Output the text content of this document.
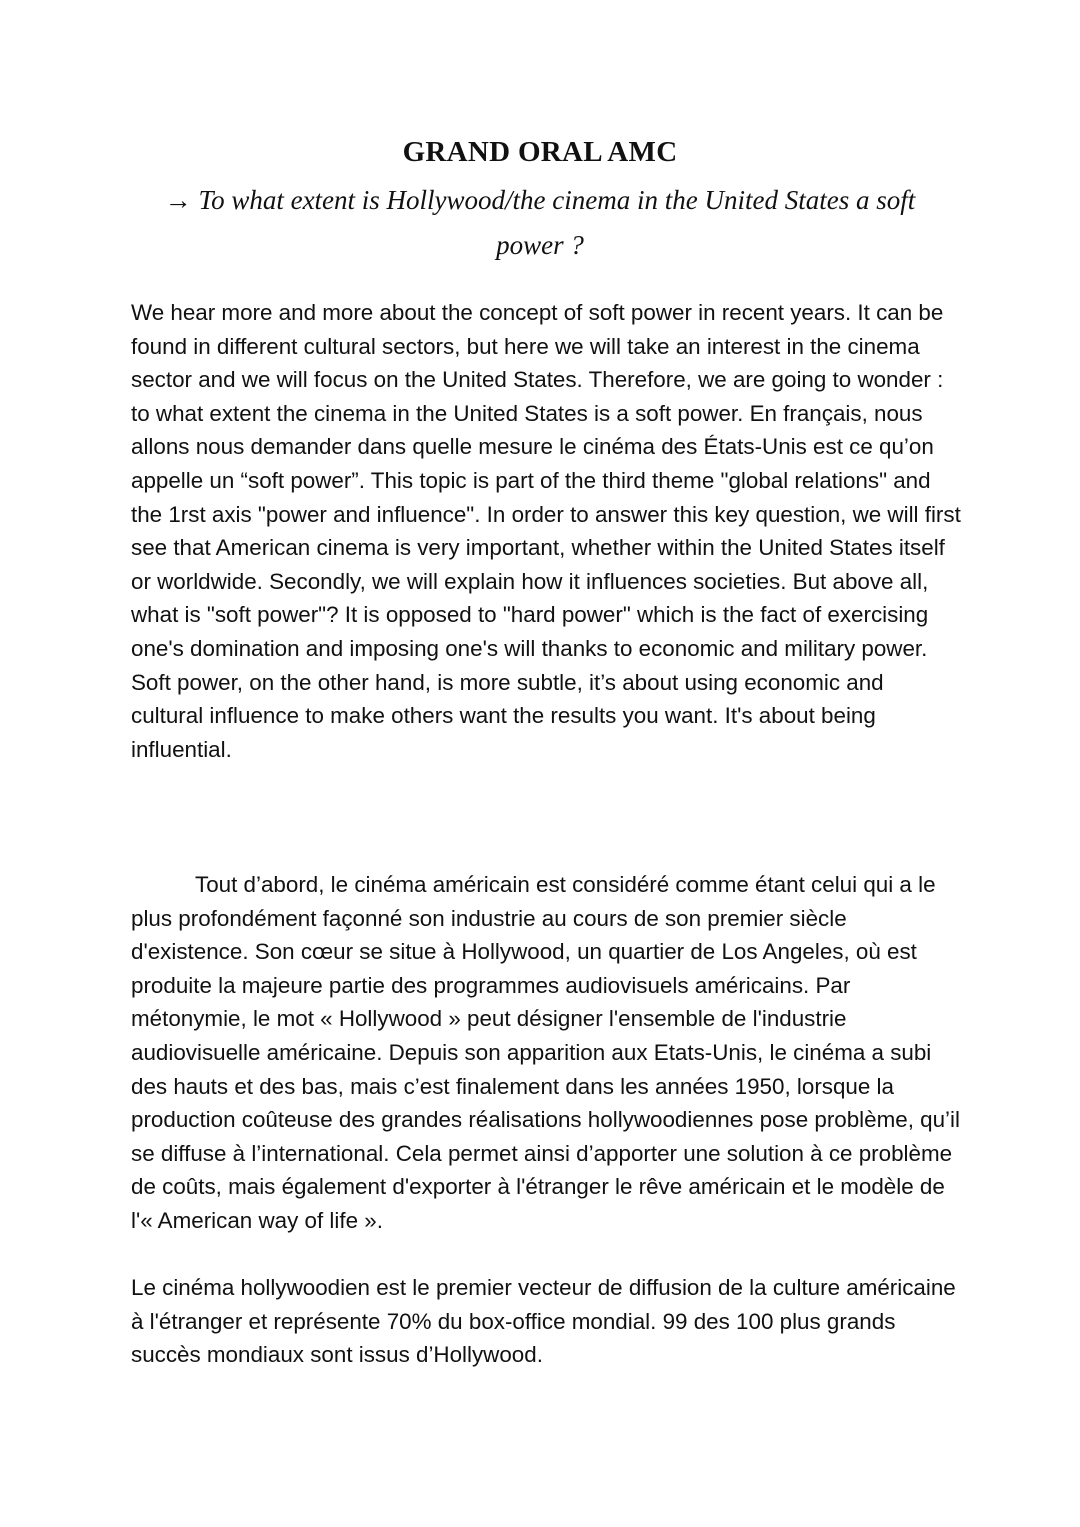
GRAND ORAL AMC

→ To what extent is Hollywood/the cinema in the United States a soft power ?

We hear more and more about the concept of soft power in recent years. It can be found in different cultural sectors, but here we will take an interest in the cinema sector and we will focus on the United States. Therefore, we are going to wonder : to what extent the cinema in the United States is a soft power. En français, nous allons nous demander dans quelle mesure le cinéma des États-Unis est ce qu’on appelle un “soft power”. This topic is part of the third theme "global relations" and the 1rst axis "power and influence". In order to answer this key question, we will first see that American cinema is very important, whether within the United States itself or worldwide. Secondly, we will explain how it influences societies. But above all, what is "soft power"? It is opposed to "hard power" which is the fact of exercising one's domination and imposing one's will thanks to economic and military power. Soft power, on the other hand, is more subtle, it’s about using economic and cultural influence to make others want the results you want. It's about being influential.

Tout d’abord, le cinéma américain est considéré comme étant celui qui a le plus profondément façonné son industrie au cours de son premier siècle d'existence. Son cœur se situe à Hollywood, un quartier de Los Angeles, où est produite la majeure partie des programmes audiovisuels américains. Par métonymie, le mot « Hollywood » peut désigner l'ensemble de l'industrie audiovisuelle américaine. Depuis son apparition aux Etats-Unis, le cinéma a subi des hauts et des bas, mais c’est finalement dans les années 1950, lorsque la production coûteuse des grandes réalisations hollywoodiennes pose problème, qu’il se diffuse à l’international. Cela permet ainsi d’apporter une solution à ce problème de coûts, mais également d'exporter à l'étranger le rêve américain et le modèle de l'« American way of life ».

Le cinéma hollywoodien est le premier vecteur de diffusion de la culture américaine à l'étranger et représente 70% du box-office mondial. 99 des 100 plus grands succès mondiaux sont issus d’Hollywood.
